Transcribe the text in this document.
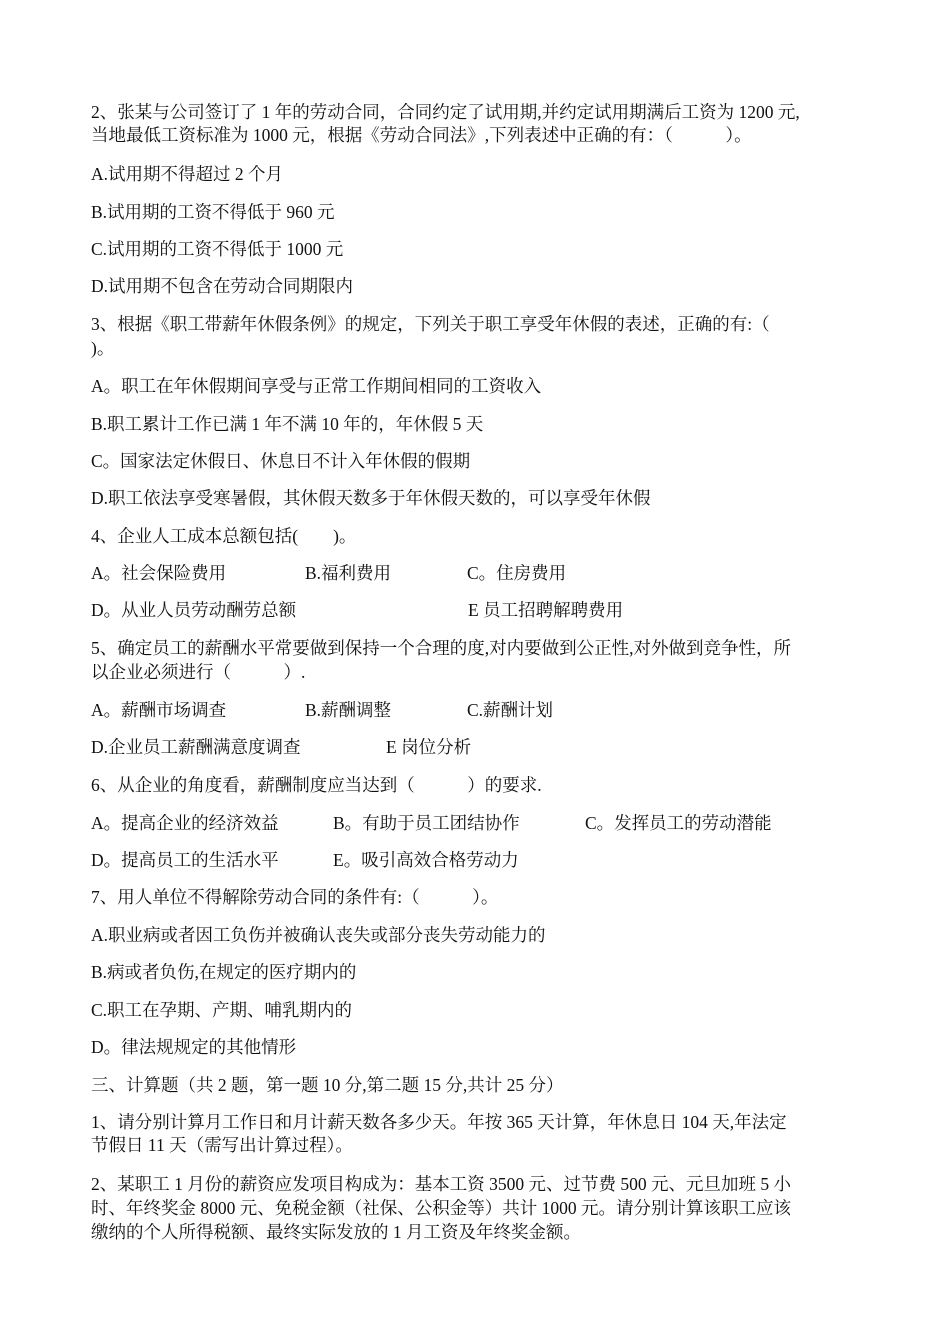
2、张某与公司签订了 1 年的劳动合同，合同约定了试用期,并约定试用期满后工资为 1200 元,
当地最低工资标准为 1000 元，根据《劳动合同法》,下列表述中正确的有：（　　　）。
A.试用期不得超过 2 个月
B.试用期的工资不得低于 960 元
C.试用期的工资不得低于 1000 元
D.试用期不包含在劳动合同期限内
3、根据《职工带薪年休假条例》的规定，下列关于职工享受年休假的表述，正确的有:（
)。
A。职工在年休假期间享受与正常工作期间相同的工资收入
B.职工累计工作已满 1 年不满 10 年的，年休假 5 天
C。国家法定休假日、休息日不计入年休假的假期
D.职工依法享受寒暑假，其休假天数多于年休假天数的，可以享受年休假
4、企业人工成本总额包括(　　)。

A。社会保险费用

	B.福利费用

	C。住房费用

D。从业人员劳动酬劳总额

	E 员工招聘解聘费用

5、确定员工的薪酬水平常要做到保持一个合理的度,对内要做到公正性,对外做到竞争性，所
以企业必须进行（　　　）.

A。薪酬市场调查

	B.薪酬调整

	C.薪酬计划

D.企业员工薪酬满意度调查

	E 岗位分析

6、从企业的角度看，薪酬制度应当达到（　　　）的要求.

A。提高企业的经济效益

	B。有助于员工团结协作

	C。发挥员工的劳动潜能

D。提高员工的生活水平

	E。吸引高效合格劳动力

7、用人单位不得解除劳动合同的条件有:（　　　）。
A.职业病或者因工负伤并被确认丧失或部分丧失劳动能力的
B.病或者负伤,在规定的医疗期内的
C.职工在孕期、产期、哺乳期内的
D。律法规规定的其他情形
三、计算题（共 2 题，第一题 10 分,第二题 15 分,共计 25 分）
1、请分别计算月工作日和月计薪天数各多少天。年按 365 天计算，年休息日 104 天,年法定
节假日 11 天（需写出计算过程）。
2、某职工 1 月份的薪资应发项目构成为：基本工资 3500 元、过节费 500 元、元旦加班 5 小
时、年终奖金 8000 元、免税金额（社保、公积金等）共计 1000 元。请分别计算该职工应该
缴纳的个人所得税额、最终实际发放的 1 月工资及年终奖金额。
